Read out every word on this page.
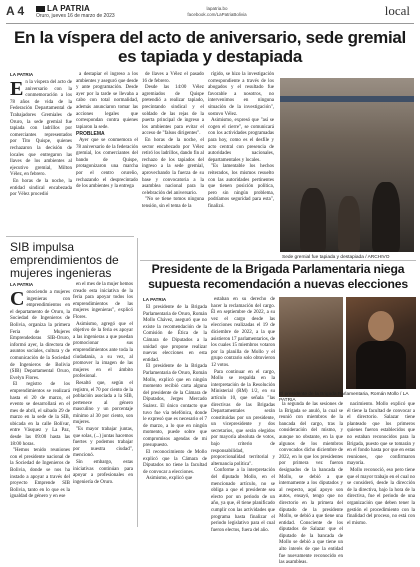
A 4	LA PATRIA
Oruro, jueves 16 de marzo de 2023
lapatria.bo
facebook.com/LaPatriaBolivia	local
En la víspera del acto de aniversario, sede gremial es tapiada y destapiada
LA PATRIA
En la víspera del acto de aniversario con la conmemoración a los 78 años de vida de la Federación Departamental de Trabajadores Gremiales de Oruro, la sede gremial fue tapiada con ladrillos por comerciantes representados por Tito Quispe, quienes rechazaron la decisión de locales que entregaron las llaves de los ambientes al ejecutivo gremial, Milton Vélez, en febrero.

En horas de la noche, la entidad sindical encabezada por Vélez procedió

a destapiar el ingreso a los ambientes y aseguró que desde y ante programación. Desde ayer por la tarde se llevaba a cabo con total normalidad, además anunciaron tomar las acciones legales que correspondan contra quienes tapiaron la sede.

PROBLEMA

Ayer que se conmemora el 78 aniversario de la federación gremial, los comerciantes del bando de Quispe, protagonizaron una marcha por el centro orureño, rechazando el desprecintado de los ambientes y la entrega

de llaves a Vélez el pasado 16 de febrero.

Desde las 14:00 Vélez agremiados de Quispe pretendió a realizar tapiado, precintando sindical y el soldado de las rejas de la puerta principal de ingreso a los ambientes para evitar el acceso de "falsos dirigentes".

En horas de la noche, el sector encabezado por Vélez retiró los ladrillos, dando fin al rechazo de los tapiados del ingreso a la sede gremial, aprovechando la fuerza de su base y convocatoria a la asamblea nacional para la celebración del aniversario.

"No se tiene tomos ninguna tensión, sin el tema de la

rígido, se hizo la investigación correspondiente a través de los abogados y el resultado fue favorable a nosotros, no intervenimos en ninguna situación de la investigación", sostuvo Vélez.

Asimismo, expresó que "así se cogen el cierre", se comunicará con los actividades programadas para hoy, como es el desfile y acto central con presencia de autoridades nacionales, departamentales y locales.

"Es lamentable los hechos reiterados, los mismos resuelto con las autoridades pertinentes que tienen posición política, pero sin ningún problema, podríamos seguridad para esta", finalizó.

Sede gremial fue tapiada y destapiada / ARCHIVO
SIB impulsa emprendimientos de mujeres ingenieras
LA PATRIA
Conociendo a mujeres ingenieras con emprendimientos en el departamento de Oruro, la Sociedad de Ingenieros de Bolivia, organiza la primera Feria de Mujeres Emprendedoras SIB-Oruro, informó ayer, la directora de asuntos sociales, cultura y de comunicación de la Sociedad de Ingenieros de Bolivia (SIB) Departamental Oruro, Evelyn Flores.

El registro de los emprendimientos se realizará hasta el 20 de marzo, el evento se desarrollará en el mes de abril, el sábado 29 de marzo en la sede de la SIB, ubicada en la calle Bolívar, entre Vásquez y La Paz, desde las 09:00 hasta las 18:00 horas.

"Hemos tenido reuniones con el presidente nacional de la Sociedad de Ingenieros de Bolivia, donde se nos ha instado a apoyar a través del proyecto Emprende SIB Bolivia, tanto en lo que es la igualdad de género y en ese

en el mes de la mujer hemos creado esta iniciativa de la feria para apoyar todos los emprendimientos de las mujeres ingenieras", explicó Flores.

Asimismo, agregó que el objetivo de la feria es apoyar a las ingenieras a que puedan promocionar sus emprendimientos ante toda la ciudadanía, a su vez, al promover la imagen de las mujeres en el ámbito profesional.

Resaltó que, según el registro, el 70 por ciento de la población asociada a la SIB, pertenece al género masculino y un porcentaje mínimo al 30 por ciento, son mujeres.

"Es mayor trabajar juntas, que solas, (...) juntas hacemos fuertes y podemos trabajar por nuestra ciudad", mencionó.

Sin embargo, estas iniciativas continúan para apoyar a profesionales en ingeniería de Oruro.

Presidente de la Brigada Parlamentaria niega supuesta recomendación a nuevas elecciones
LA PATRIA

El presidente de la Brigada Parlamentaria de Oruro, Román Mollo Chávez, aseguró que no existe la recomendación de la Comisión de Ética de la Cámara de Diputados a la unidad que propone realizar nuevas elecciones en esta entidad.

El presidente de la Brigada Parlamentaria de Oruro, Román Mollo, explicó que en ningún momento recibió carta alguna del presidente de la Cámara de Diputados, Jerges Mercado Suárez. El único contacto que tuvo fue vía telefónica, donde le expresó que es necesario el 7 de marzo, a lo que en ningún momento, puede sobre que compromisos agendas de mi presupuesto.

El reconocimiento de Mollo explicó que la Cámara de Diputados no tiene la facultad de convocar a elecciones.

Asimismo, explicó que

estaban en su derecho de hacer la reclamación del cargo. Él en septiembre de 2022, a su vez el cargo desde las elecciones realizadas el 19 de diciembre de 2022, a la que asistieron 17 parlamentarios, de los cuales 15 miembros votaron por la planilla de Mollo y el grupo contrario solo obtuvieron 12 votos.

Para continuar en el cargo, Mollo se respalda en la interpretación de la Resolución Ministerial (RM) 1/2, en su artículo 10, que señala "las directivas de las Brigadas Departamentales serán constituidas por un presidente, un vicepresidente y dos secretarios, que serán elegidos por mayoría absoluta de votos, bajo criterio de responsabilidad, proporcionalidad territorial y alternancia política".

Conforme a la interpretación del diputado Mollo, en el mencionado artículo, no se obliga a que el presidente sea electo por un periodo de un año, ya que, él tiene planificado cumplir con las actividades que programa hasta finalizar el periodo legislativo para el cual fueron electos, fuera del año.

la segunda de las sesiones de la Brigada se anuló, la cual se reunió con miembros de la bancada del cargo, tras la consideración del mismo, y aunque no obstante, en la que algunos de los miembros convocados dicho diciembre de 2022, en lo que los presidentes por primera vez fueron designados de la bancada de Mollo, se debió a que internamente a los diputados y al respecto, aquí apoyo son autos, ensayó, tengo que no directorio en la primera del diputado de la presidente Mollo, se debió a que tiene una entidad. Consciente de los diputados de Salazar que el diputado de la bancada de Mollo se debió a que tiene un alto interés de que la entidad fue nuevamente reconocido en las asambleas.

nacimiento. Mollo explicó que él tiene la facultad de convocar a el directorio. Salazar tiene planteado que los primeros quienes fueron establecidos que no estaban reconocidos para la Brigada, puesto que se tomarán y en el fondo hasta por que en estas reuniones, que confirmaron mayoría.

Mollo reconoció, eso pero tiene que el mayor trabajo en el cual no se consideró, desde la dirección de la directiva, bajo la hora de la directiva, fue el periodo de una organización que deben tener la gestión el procedimiento con la finalidad del proceso, no está con el mismo.

El presidente de la Brigada Parlamentaria, Román Mollo / LA PATRIA
